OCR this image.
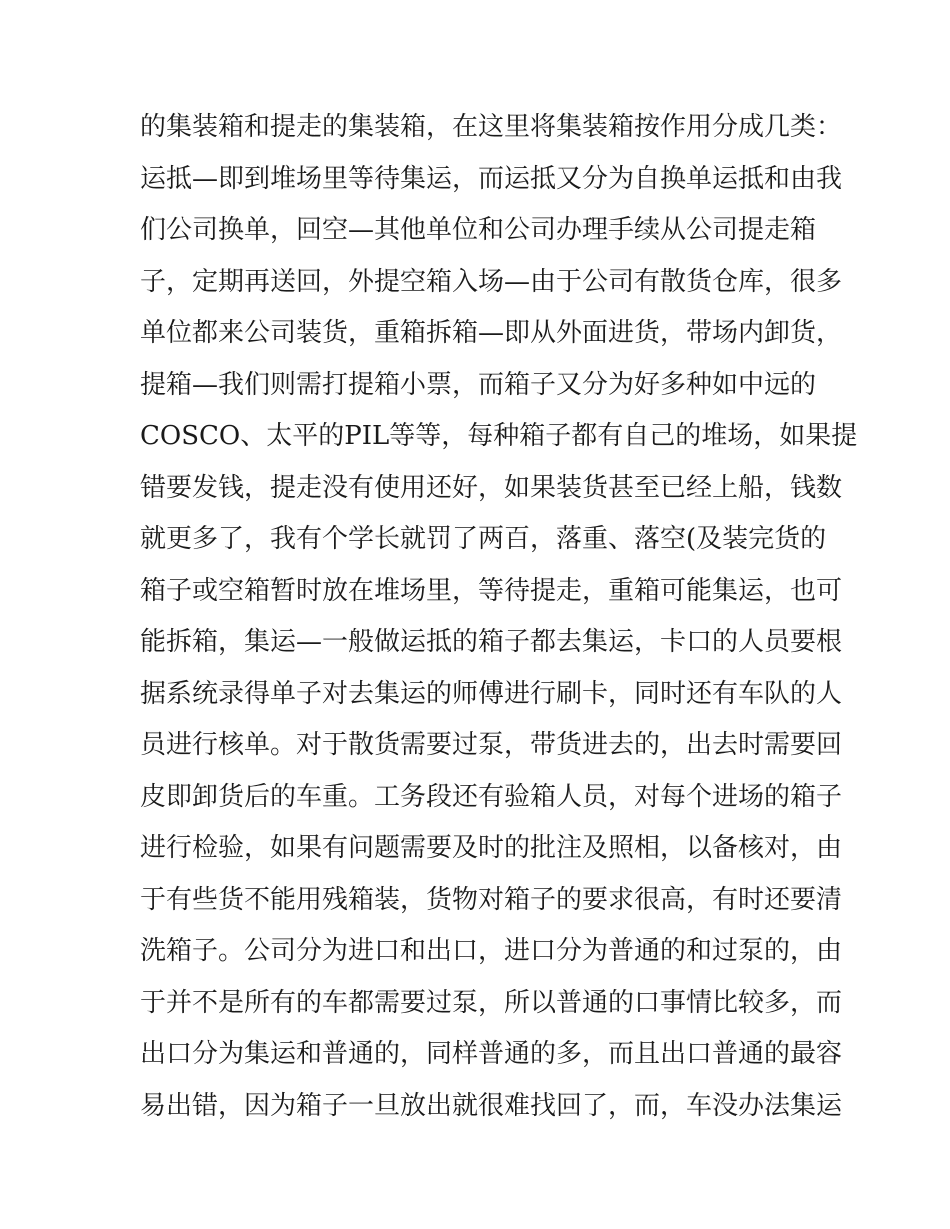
的集装箱和提走的集装箱，在这里将集装箱按作用分成几类：
运抵—即到堆场里等待集运，而运抵又分为自换单运抵和由我
们公司换单，回空—其他单位和公司办理手续从公司提走箱
子，定期再送回，外提空箱入场—由于公司有散货仓库，很多
单位都来公司装货，重箱拆箱—即从外面进货，带场内卸货，
提箱—我们则需打提箱小票，而箱子又分为好多种如中远的
COSCO、太平的PIL等等，每种箱子都有自己的堆场，如果提
错要发钱，提走没有使用还好，如果装货甚至已经上船，钱数
就更多了，我有个学长就罚了两百，落重、落空(及装完货的
箱子或空箱暂时放在堆场里，等待提走，重箱可能集运，也可
能拆箱，集运—一般做运抵的箱子都去集运，卡口的人员要根
据系统录得单子对去集运的师傅进行刷卡，同时还有车队的人
员进行核单。对于散货需要过泵，带货进去的，出去时需要回
皮即卸货后的车重。工务段还有验箱人员，对每个进场的箱子
进行检验，如果有问题需要及时的批注及照相，以备核对，由
于有些货不能用残箱装，货物对箱子的要求很高，有时还要清
洗箱子。公司分为进口和出口，进口分为普通的和过泵的，由
于并不是所有的车都需要过泵，所以普通的口事情比较多，而
出口分为集运和普通的，同样普通的多，而且出口普通的最容
易出错，因为箱子一旦放出就很难找回了，而，车没办法集运
